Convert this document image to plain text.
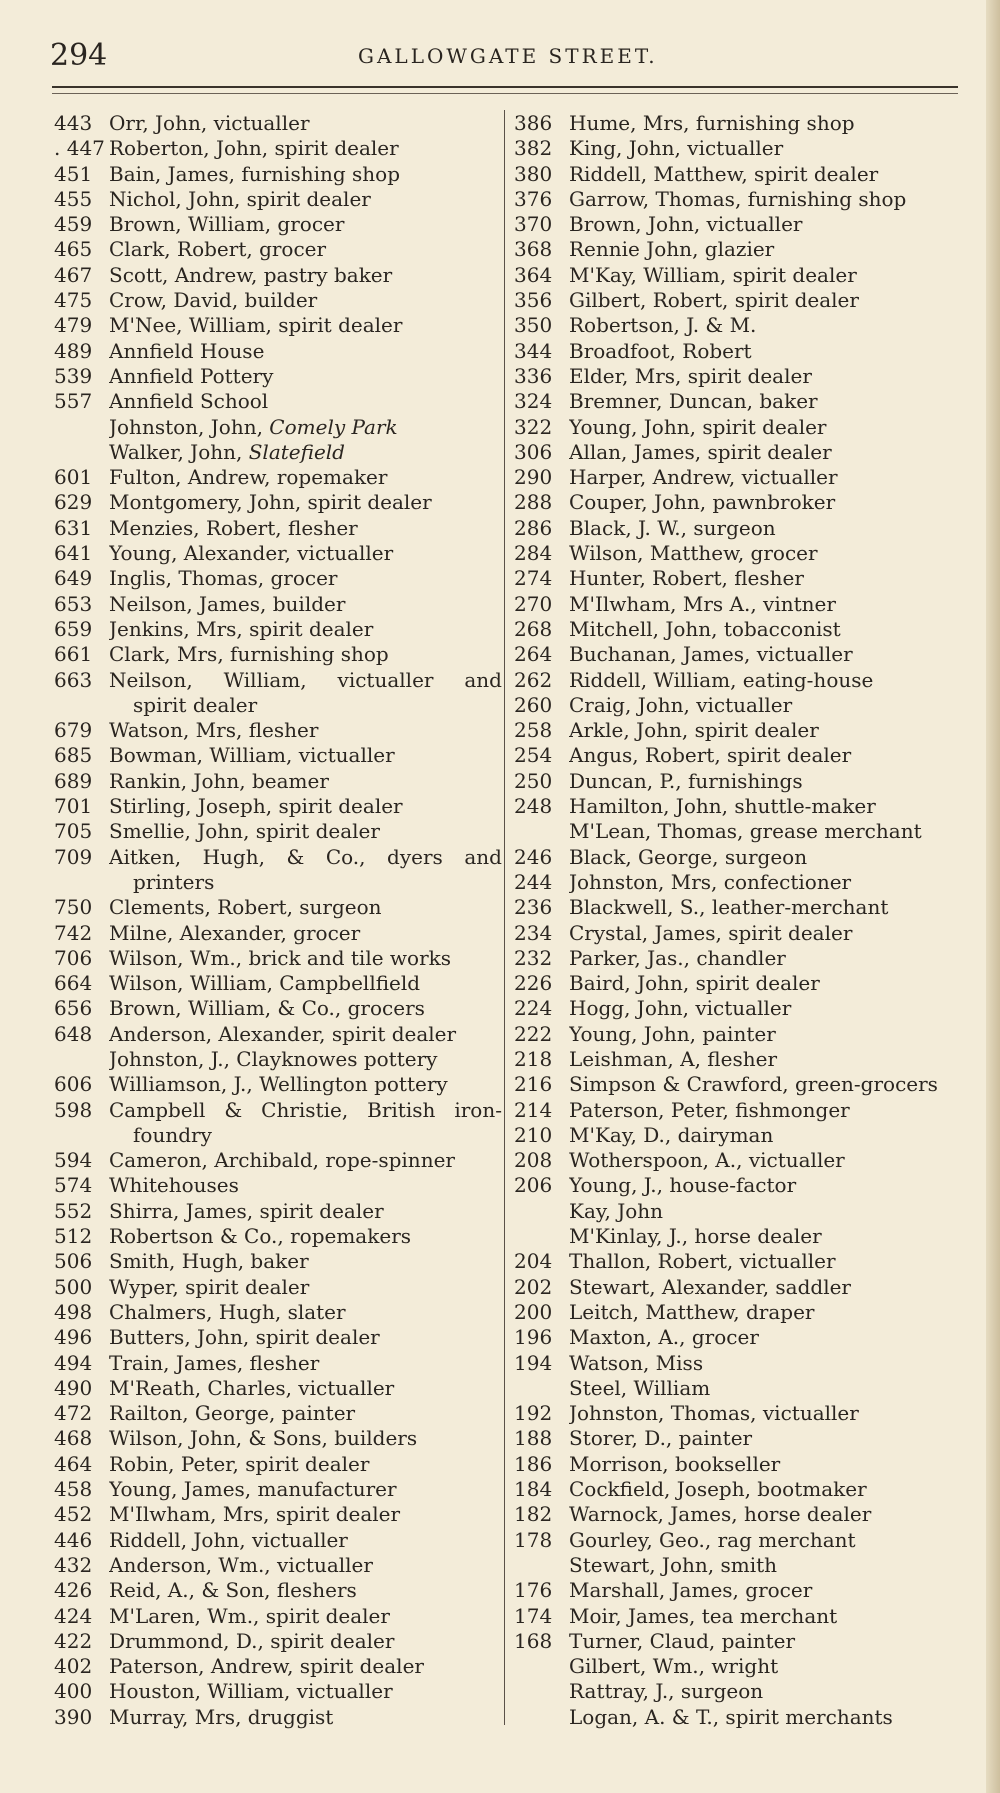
294	GALLOWGATE STREET.
443 Orr, John, victualler
. 447 Roberton, John, spirit dealer
451 Bain, James, furnishing shop
455 Nichol, John, spirit dealer
459 Brown, William, grocer
465 Clark, Robert, grocer
467 Scott, Andrew, pastry baker
475 Crow, David, builder
479 M'Nee, William, spirit dealer
489 Annfield House
539 Annfield Pottery
557 Annfield School
Johnston, John, Comely Park
Walker, John, Slatefield
601 Fulton, Andrew, ropemaker
629 Montgomery, John, spirit dealer
631 Menzies, Robert, flesher
641 Young, Alexander, victualler
649 Inglis, Thomas, grocer
653 Neilson, James, builder
659 Jenkins, Mrs, spirit dealer
661 Clark, Mrs, furnishing shop
663 Neilson, William, victualler and
spirit dealer
679 Watson, Mrs, flesher
685 Bowman, William, victualler
689 Rankin, John, beamer
701 Stirling, Joseph, spirit dealer
705 Smellie, John, spirit dealer
709 Aitken, Hugh, & Co., dyers and
printers
750 Clements, Robert, surgeon
742 Milne, Alexander, grocer
706 Wilson, Wm., brick and tile works
664 Wilson, William, Campbellfield
656 Brown, William, & Co., grocers
648 Anderson, Alexander, spirit dealer
Johnston, J., Clayknowes pottery
606 Williamson, J., Wellington pottery
598 Campbell & Christie, British iron-
foundry
594 Cameron, Archibald, rope-spinner
574 Whitehouses
552 Shirra, James, spirit dealer
512 Robertson & Co., ropemakers
506 Smith, Hugh, baker
500 Wyper, spirit dealer
498 Chalmers, Hugh, slater
496 Butters, John, spirit dealer
494 Train, James, flesher
490 M'Reath, Charles, victualler
472 Railton, George, painter
468 Wilson, John, & Sons, builders
464 Robin, Peter, spirit dealer
458 Young, James, manufacturer
452 M'Ilwham, Mrs, spirit dealer
446 Riddell, John, victualler
432 Anderson, Wm., victualler
426 Reid, A., & Son, fleshers
424 M'Laren, Wm., spirit dealer
422 Drummond, D., spirit dealer
402 Paterson, Andrew, spirit dealer
400 Houston, William, victualler
390 Murray, Mrs, druggist
386 Hume, Mrs, furnishing shop
382 King, John, victualler
380 Riddell, Matthew, spirit dealer
376 Garrow, Thomas, furnishing shop
370 Brown, John, victualler
368 Rennie John, glazier
364 M'Kay, William, spirit dealer
356 Gilbert, Robert, spirit dealer
350 Robertson, J. & M.
344 Broadfoot, Robert
336 Elder, Mrs, spirit dealer
324 Bremner, Duncan, baker
322 Young, John, spirit dealer
306 Allan, James, spirit dealer
290 Harper, Andrew, victualler
288 Couper, John, pawnbroker
286 Black, J. W., surgeon
284 Wilson, Matthew, grocer
274 Hunter, Robert, flesher
270 M'Ilwham, Mrs A., vintner
268 Mitchell, John, tobacconist
264 Buchanan, James, victualler
262 Riddell, William, eating-house
260 Craig, John, victualler
258 Arkle, John, spirit dealer
254 Angus, Robert, spirit dealer
250 Duncan, P., furnishings
248 Hamilton, John, shuttle-maker
M'Lean, Thomas, grease merchant
246 Black, George, surgeon
244 Johnston, Mrs, confectioner
236 Blackwell, S., leather-merchant
234 Crystal, James, spirit dealer
232 Parker, Jas., chandler
226 Baird, John, spirit dealer
224 Hogg, John, victualler
222 Young, John, painter
218 Leishman, A, flesher
216 Simpson & Crawford, green-grocers
214 Paterson, Peter, fishmonger
210 M'Kay, D., dairyman
208 Wotherspoon, A., victualler
206 Young, J., house-factor
Kay, John
M'Kinlay, J., horse dealer
204 Thallon, Robert, victualler
202 Stewart, Alexander, saddler
200 Leitch, Matthew, draper
196 Maxton, A., grocer
194 Watson, Miss
Steel, William
192 Johnston, Thomas, victualler
188 Storer, D., painter
186 Morrison, bookseller
184 Cockfield, Joseph, bootmaker
182 Warnock, James, horse dealer
178 Gourley, Geo., rag merchant
Stewart, John, smith
176 Marshall, James, grocer
174 Moir, James, tea merchant
168 Turner, Claud, painter
Gilbert, Wm., wright
Rattray, J., surgeon
Logan, A. & T., spirit merchants
